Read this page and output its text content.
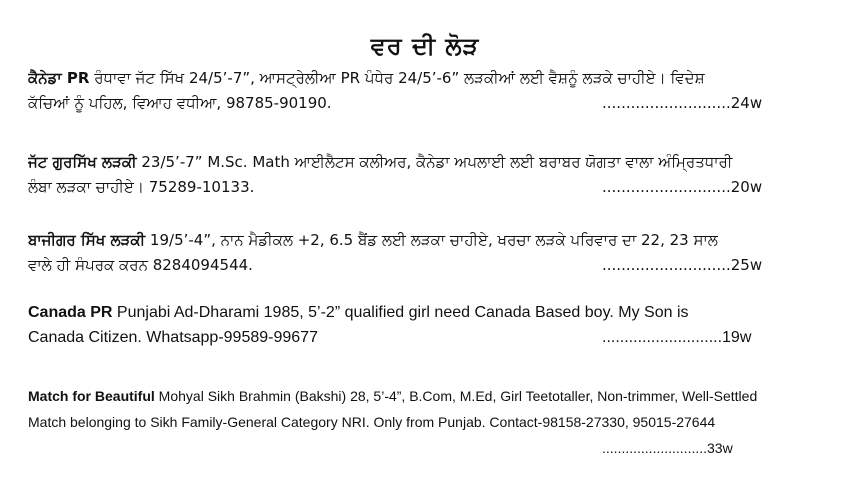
ਵਰ ਦੀ ਲੋੜ
ਕੈਨੇਡਾ PR ਰੰਧਾਵਾ ਜੱਟ ਸਿੱਖ 24/5’-7”, ਆਸਟ੍ਰੇਲੀਆ PR ਪੰਧੇਰ 24/5’-6” ਲੜਕੀਆਂ ਲਈ ਵੈਸ਼ਨੂੰ ਲੜਕੇ ਚਾਹੀਏ। ਵਿਦੇਸ਼
ਕੱਚਿਆਂ ਨੂੰ ਪਹਿਲ, ਵਿਆਹ ਵਧੀਆ, 98785-90190.	...........................24w
ਜੱਟ ਗੁਰਸਿੱਖ ਲੜਕੀ 23/5’-7” M.Sc. Math ਆਈਲੈਟਸ ਕਲੀਅਰ, ਕੈਨੇਡਾ ਅਪਲਾਈ ਲਈ ਬਰਾਬਰ ਯੋਗਤਾ ਵਾਲਾ ਅੰਮ੍ਰਿਤਧਾਰੀ
ਲੰਬਾ ਲੜਕਾ ਚਾਹੀਏ। 75289-10133.	...........................20w
ਬਾਜੀਗਰ ਸਿੱਖ ਲੜਕੀ 19/5’-4”, ਨਾਨ ਮੈਡੀਕਲ +2, 6.5 ਬੈਂਡ ਲਈ ਲੜਕਾ ਚਾਹੀਏ, ਖਰਚਾ ਲੜਕੇ ਪਰਿਵਾਰ ਦਾ 22, 23 ਸਾਲ
ਵਾਲੇ ਹੀ ਸੰਪਰਕ ਕਰਨ 8284094544.	...........................25w
Canada PR Punjabi Ad-Dharami 1985, 5’-2” qualified girl need Canada Based boy. My Son is
Canada Citizen. Whatsapp-99589-99677	...........................19w
Match for Beautiful Mohyal Sikh Brahmin (Bakshi) 28, 5’-4”, B.Com, M.Ed, Girl Teetotaller, Non-trimmer, Well-Settled
Match belonging to Sikh Family-General Category NRI. Only from Punjab. Contact-98158-27330, 95015-27644
...........................33w
